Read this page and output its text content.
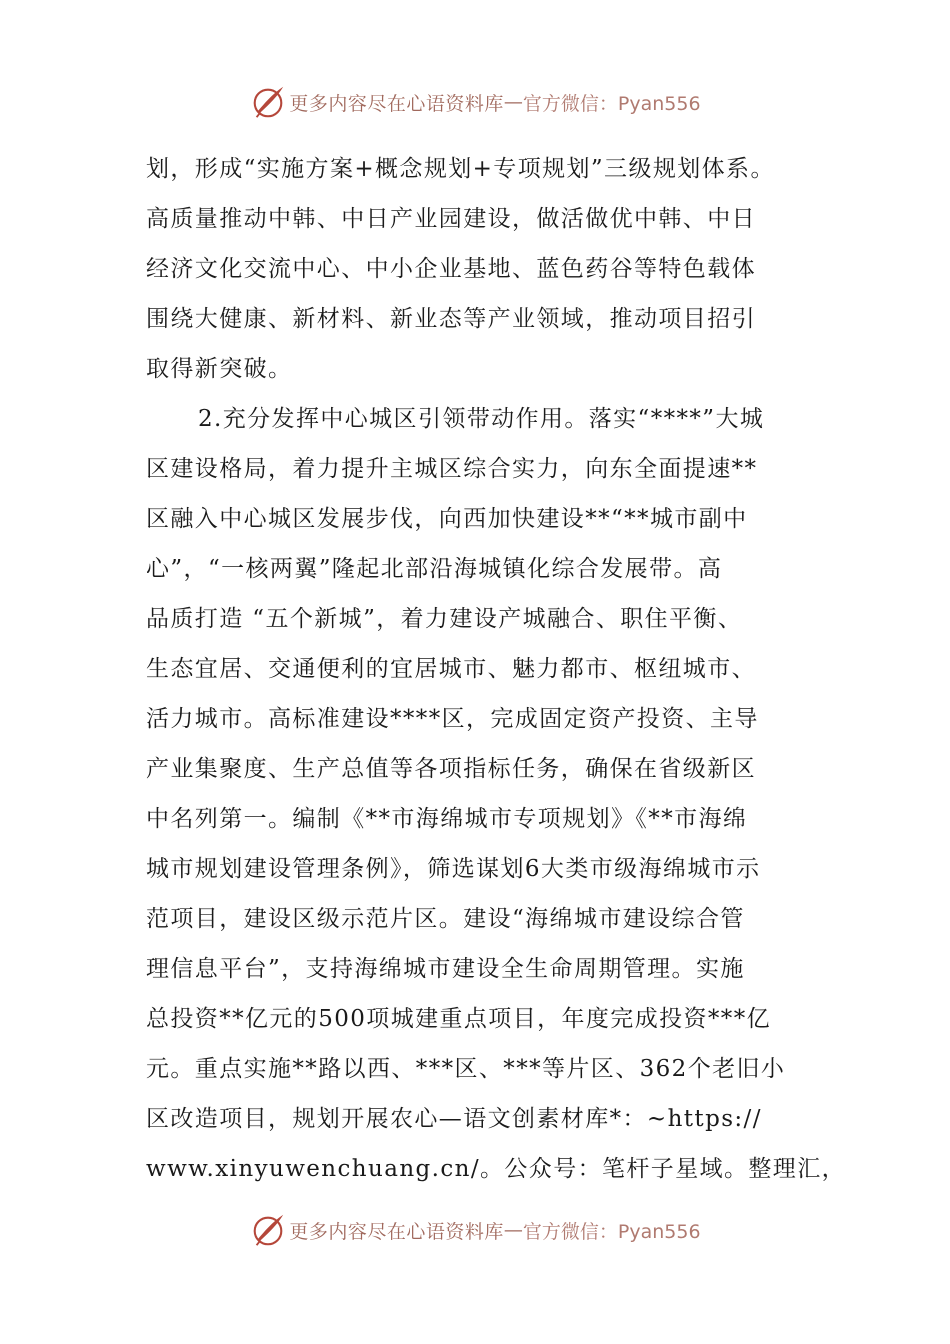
更多内容尽在心语资料库 — 官方微信：Pyan556
划，形成“实施方案+概念规划+专项规划”三级规划体系。
高质量推动中韩、中日产业园建设，做活做优中韩、中日
经济文化交流中心、中小企业基地、蓝色药谷等特色载体
围绕大健康、新材料、新业态等产业领域，推动项目招引
取得新突破。
2.充分发挥中心城区引领带动作用。落实“****”大城
区建设格局，着力提升主城区综合实力，向东全面提速**
区融入中心城区发展步伐，向西加快建设**“**城市副中
心”，“一核两翼”隆起北部沿海城镇化综合发展带。高
品质打造 “五个新城”，着力建设产城融合、职住平衡、
生态宜居、交通便利的宜居城市、魅力都市、枢纽城市、
活力城市。高标准建设****区，完成固定资产投资、主导
产业集聚度、生产总值等各项指标任务，确保在省级新区
中名列第一。编制《**市海绵城市专项规划》《**市海绵
城市规划建设管理条例》，筛选谋划6大类市级海绵城市示
范项目，建设区级示范片区。建设“海绵城市建设综合管
理信息平台”，支持海绵城市建设全生命周期管理。实施
总投资**亿元的500项城建重点项目，年度完成投资***亿
元。重点实施**路以西、***区、***等片区、362个老旧小
区改造项目，规划开展农心—语文创素材库*：~https://
www.xinyuwenchuang.cn/。公众号：笔杆子星域。整理汇，
更多内容尽在心语资料库 — 官方微信：Pyan556
